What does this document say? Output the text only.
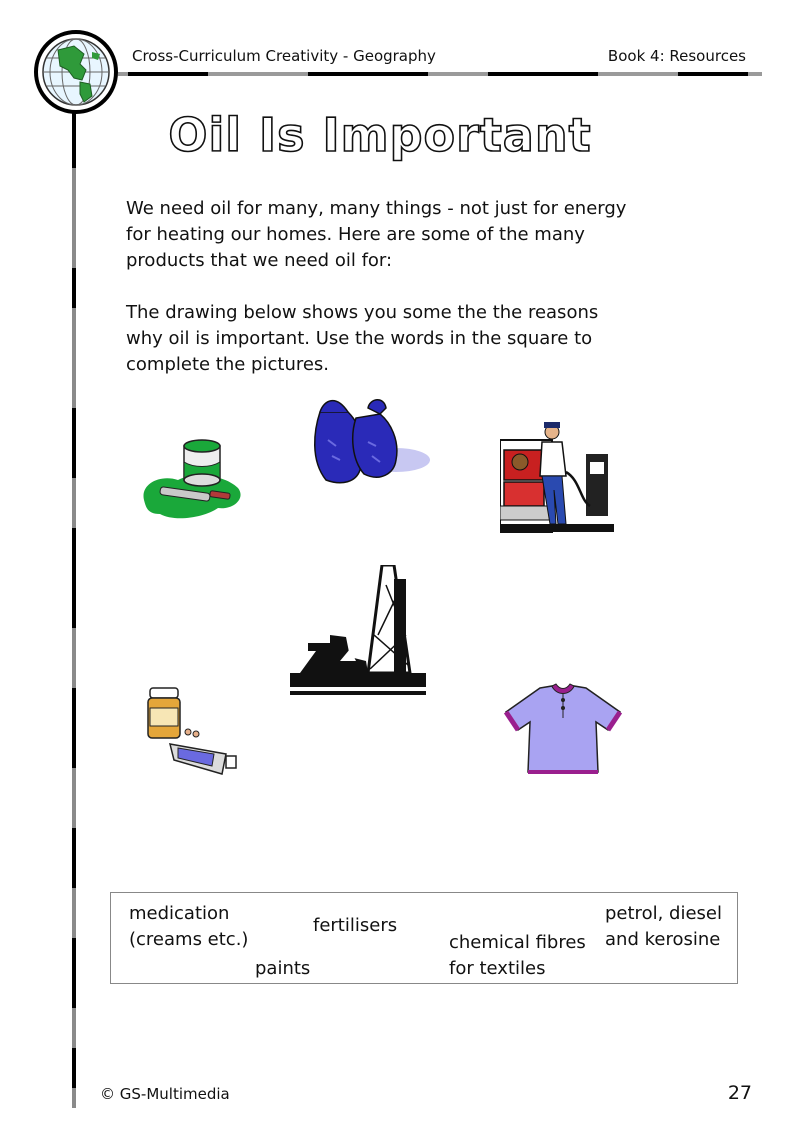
Cross-Curriculum Creativity - Geography	Book 4: Resources
Oil Is Important
We need oil for many, many things - not just for energy
for heating our homes. Here are some of the many
products that we need oil for:
The drawing below shows you some the the reasons
why oil is important. Use the words in the square to
complete the pictures.
medication
(creams etc.)
fertilisers
paints
chemical fibres
for textiles
petrol, diesel
and kerosine
© GS-Multimedia	27
